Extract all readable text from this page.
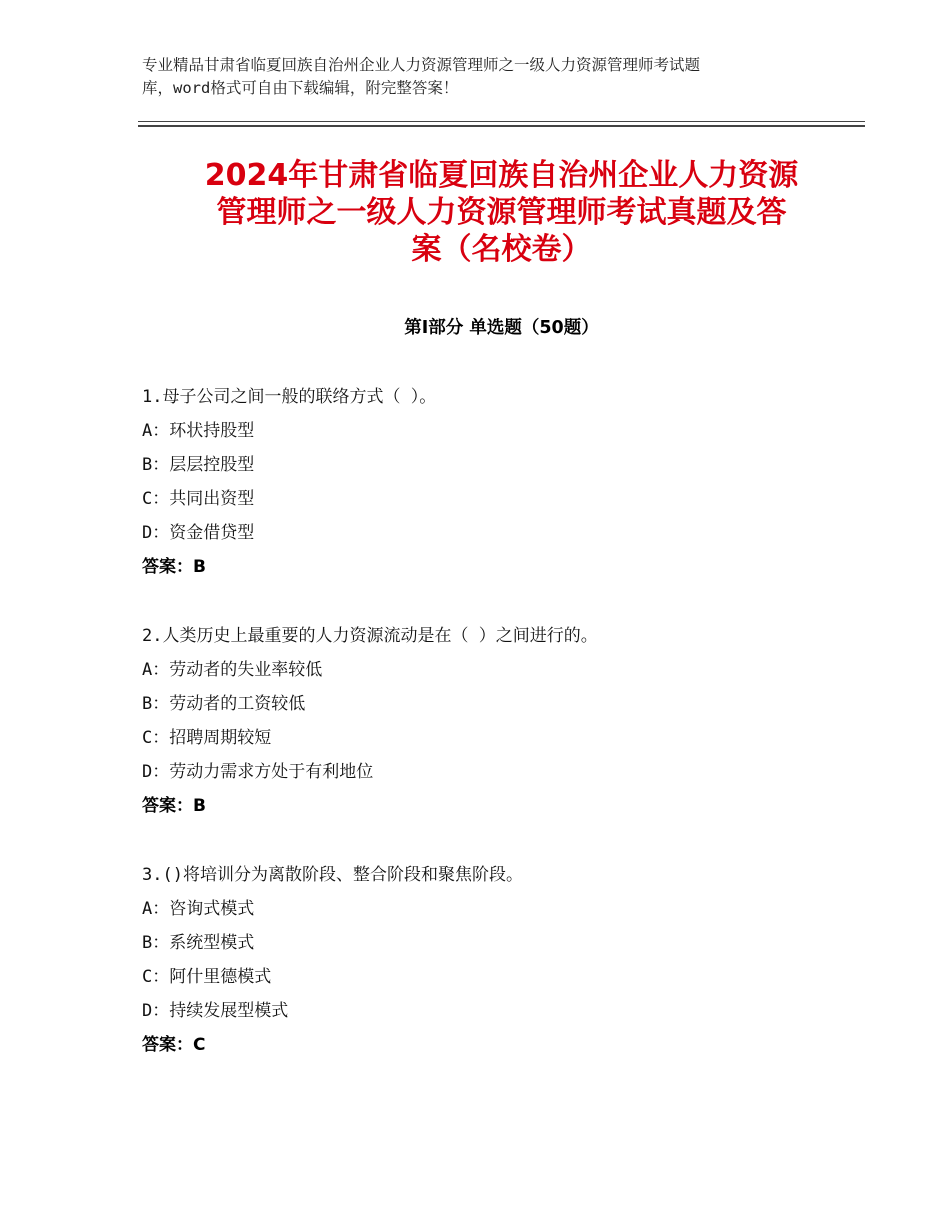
专业精品甘肃省临夏回族自治州企业人力资源管理师之一级人力资源管理师考试题
库，word格式可自由下载编辑，附完整答案！
2024年甘肃省临夏回族自治州企业人力资源
管理师之一级人力资源管理师考试真题及答
案（名校卷）
第Ⅰ部分 单选题（50题）
1.母子公司之间一般的联络方式（ ）。
A：环状持股型
B：层层控股型
C：共同出资型
D：资金借贷型
答案：B
2.人类历史上最重要的人力资源流动是在（ ）之间进行的。
A：劳动者的失业率较低
B：劳动者的工资较低
C：招聘周期较短
D：劳动力需求方处于有利地位
答案：B
3.()将培训分为离散阶段、整合阶段和聚焦阶段。
A：咨询式模式
B：系统型模式
C：阿什里德模式
D：持续发展型模式
答案：C
